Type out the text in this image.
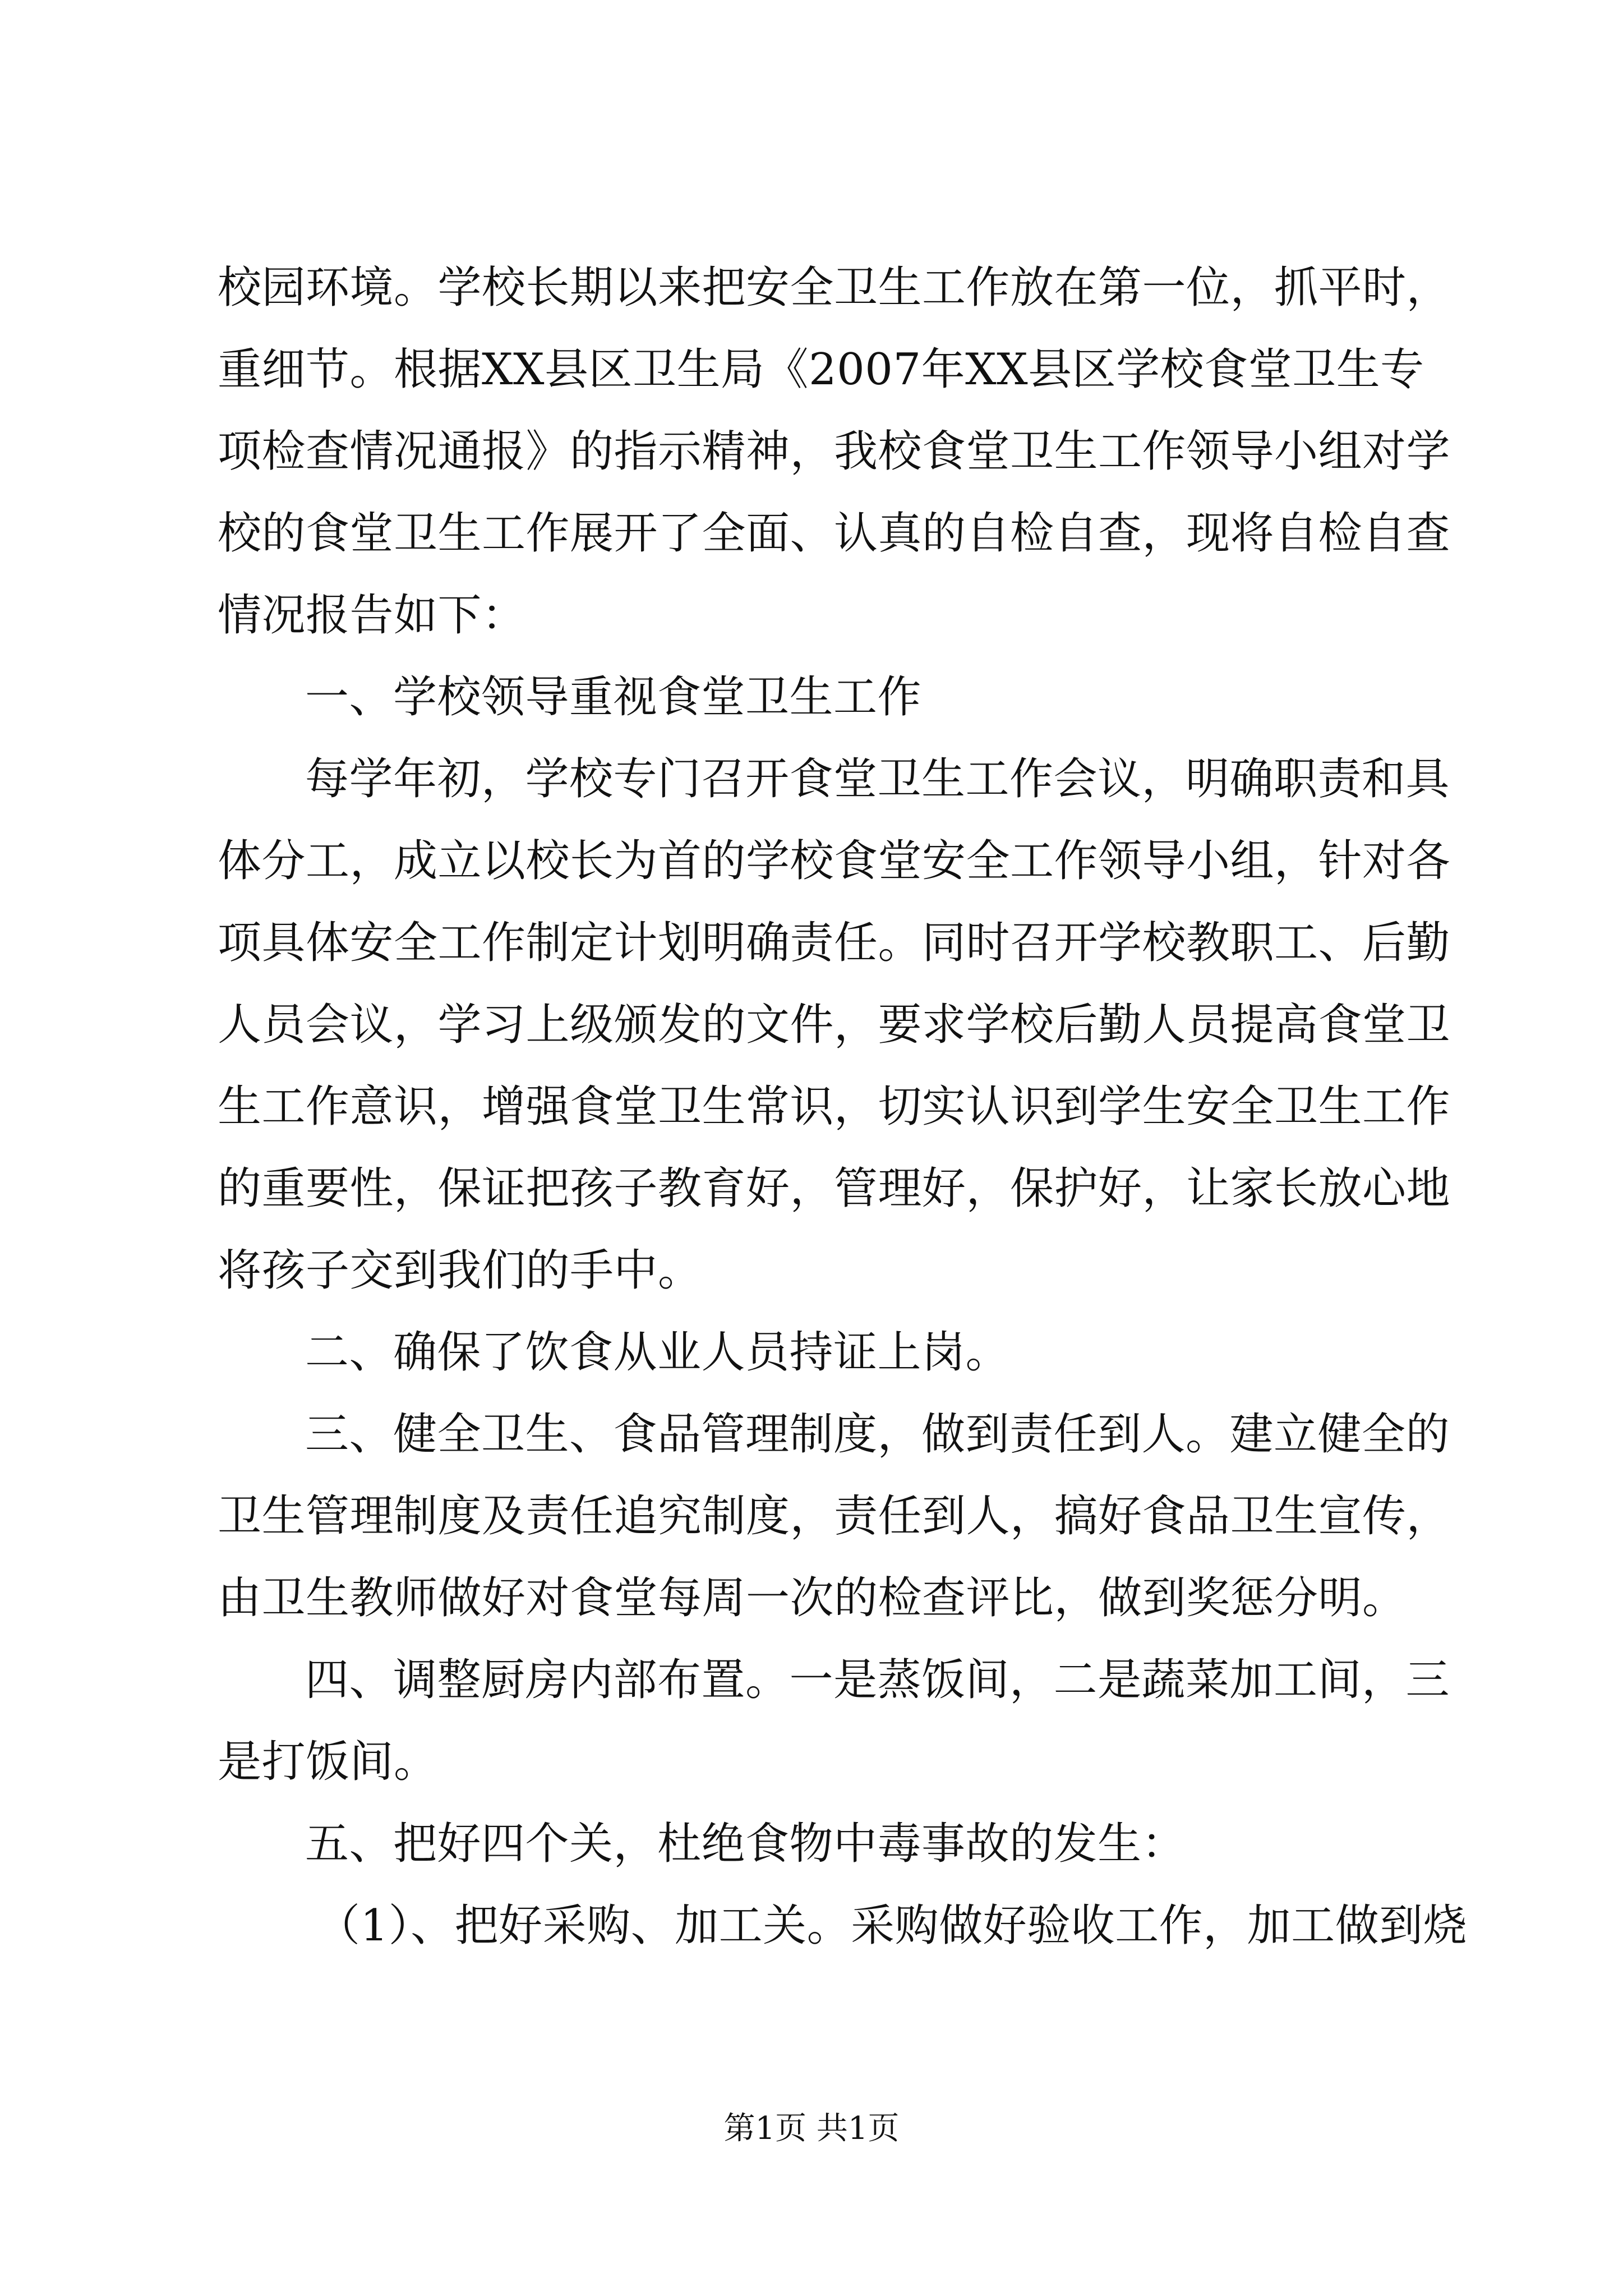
校园环境。学校长期以来把安全卫生工作放在第一位，抓平时，
重细节。根据XX县区卫生局《2007年XX县区学校食堂卫生专
项检查情况通报》的指示精神，我校食堂卫生工作领导小组对学
校的食堂卫生工作展开了全面、认真的自检自查，现将自检自查
情况报告如下：
一、学校领导重视食堂卫生工作
每学年初，学校专门召开食堂卫生工作会议，明确职责和具
体分工，成立以校长为首的学校食堂安全工作领导小组，针对各
项具体安全工作制定计划明确责任。同时召开学校教职工、后勤
人员会议，学习上级颁发的文件，要求学校后勤人员提高食堂卫
生工作意识，增强食堂卫生常识，切实认识到学生安全卫生工作
的重要性，保证把孩子教育好，管理好，保护好，让家长放心地
将孩子交到我们的手中。
二、确保了饮食从业人员持证上岗。
三、健全卫生、食品管理制度，做到责任到人。建立健全的
卫生管理制度及责任追究制度，责任到人，搞好食品卫生宣传，
由卫生教师做好对食堂每周一次的检查评比，做到奖惩分明。
四、调整厨房内部布置。一是蒸饭间，二是蔬菜加工间，三
是打饭间。
五、把好四个关，杜绝食物中毒事故的发生：
（1）、把好采购、加工关。采购做好验收工作，加工做到烧
第1页 共1页
